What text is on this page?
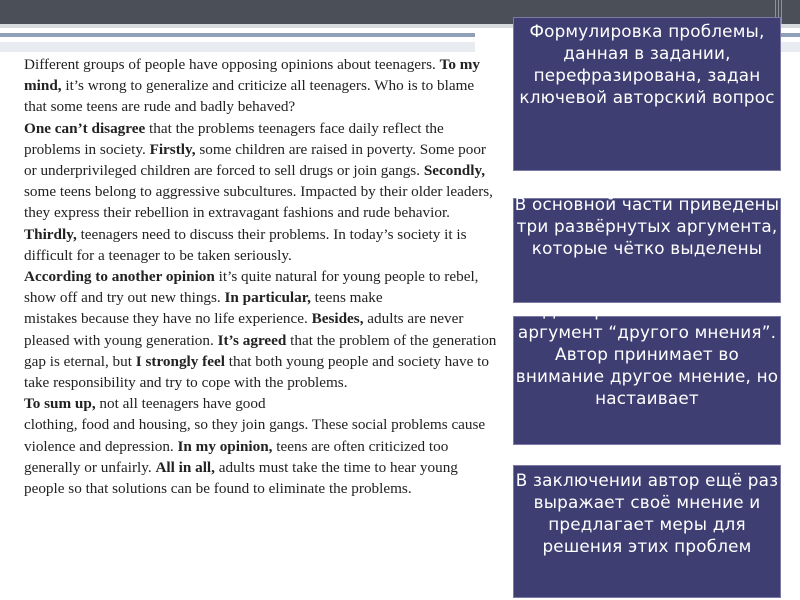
Different groups of people have opposing opinions about teenagers. To my mind, it’s wrong to generalize and criticize all teenagers. Who is to blame that some teens are rude and badly behaved?

One can’t disagree that the problems teenagers face daily reflect the problems in society. Firstly, some children are raised in poverty. Some poor or underprivileged children are forced to sell drugs or join gangs. Secondly, some teens belong to aggressive subcultures. Impacted by their older leaders, they express their rebellion in extravagant fashions and rude behavior. Thirdly, teenagers need to discuss their problems. In today’s society it is difficult for a teenager to be taken seriously.

According to another opinion it’s quite natural for young people to rebel, show off and try out new things. In particular, teens make
mistakes because they have no life experience. Besides, adults are never pleased with young generation. It’s agreed that the problem of the generation gap is eternal, but I strongly feel that both young people and society have to take responsibility and try to cope with the problems.

To sum up, not all teenagers have good
clothing, food and housing, so they join gangs. These social problems cause violence and depression. In my opinion, teens are often criticized too generally or unfairly. All in all, adults must take the time to hear young people so that solutions can be found to eliminate the problems.

Формулировка проблемы, данная в задании, перефразирована, задан ключевой авторский вопрос

В основной части приведены три развёрнутых аргумента, которые чётко выделены

Дан противоположный аргумент “другого мнения”. Автор принимает во внимание другое мнение, но настаивает

В заключении автор ещё раз выражает своё мнение и предлагает меры для решения этих проблем
